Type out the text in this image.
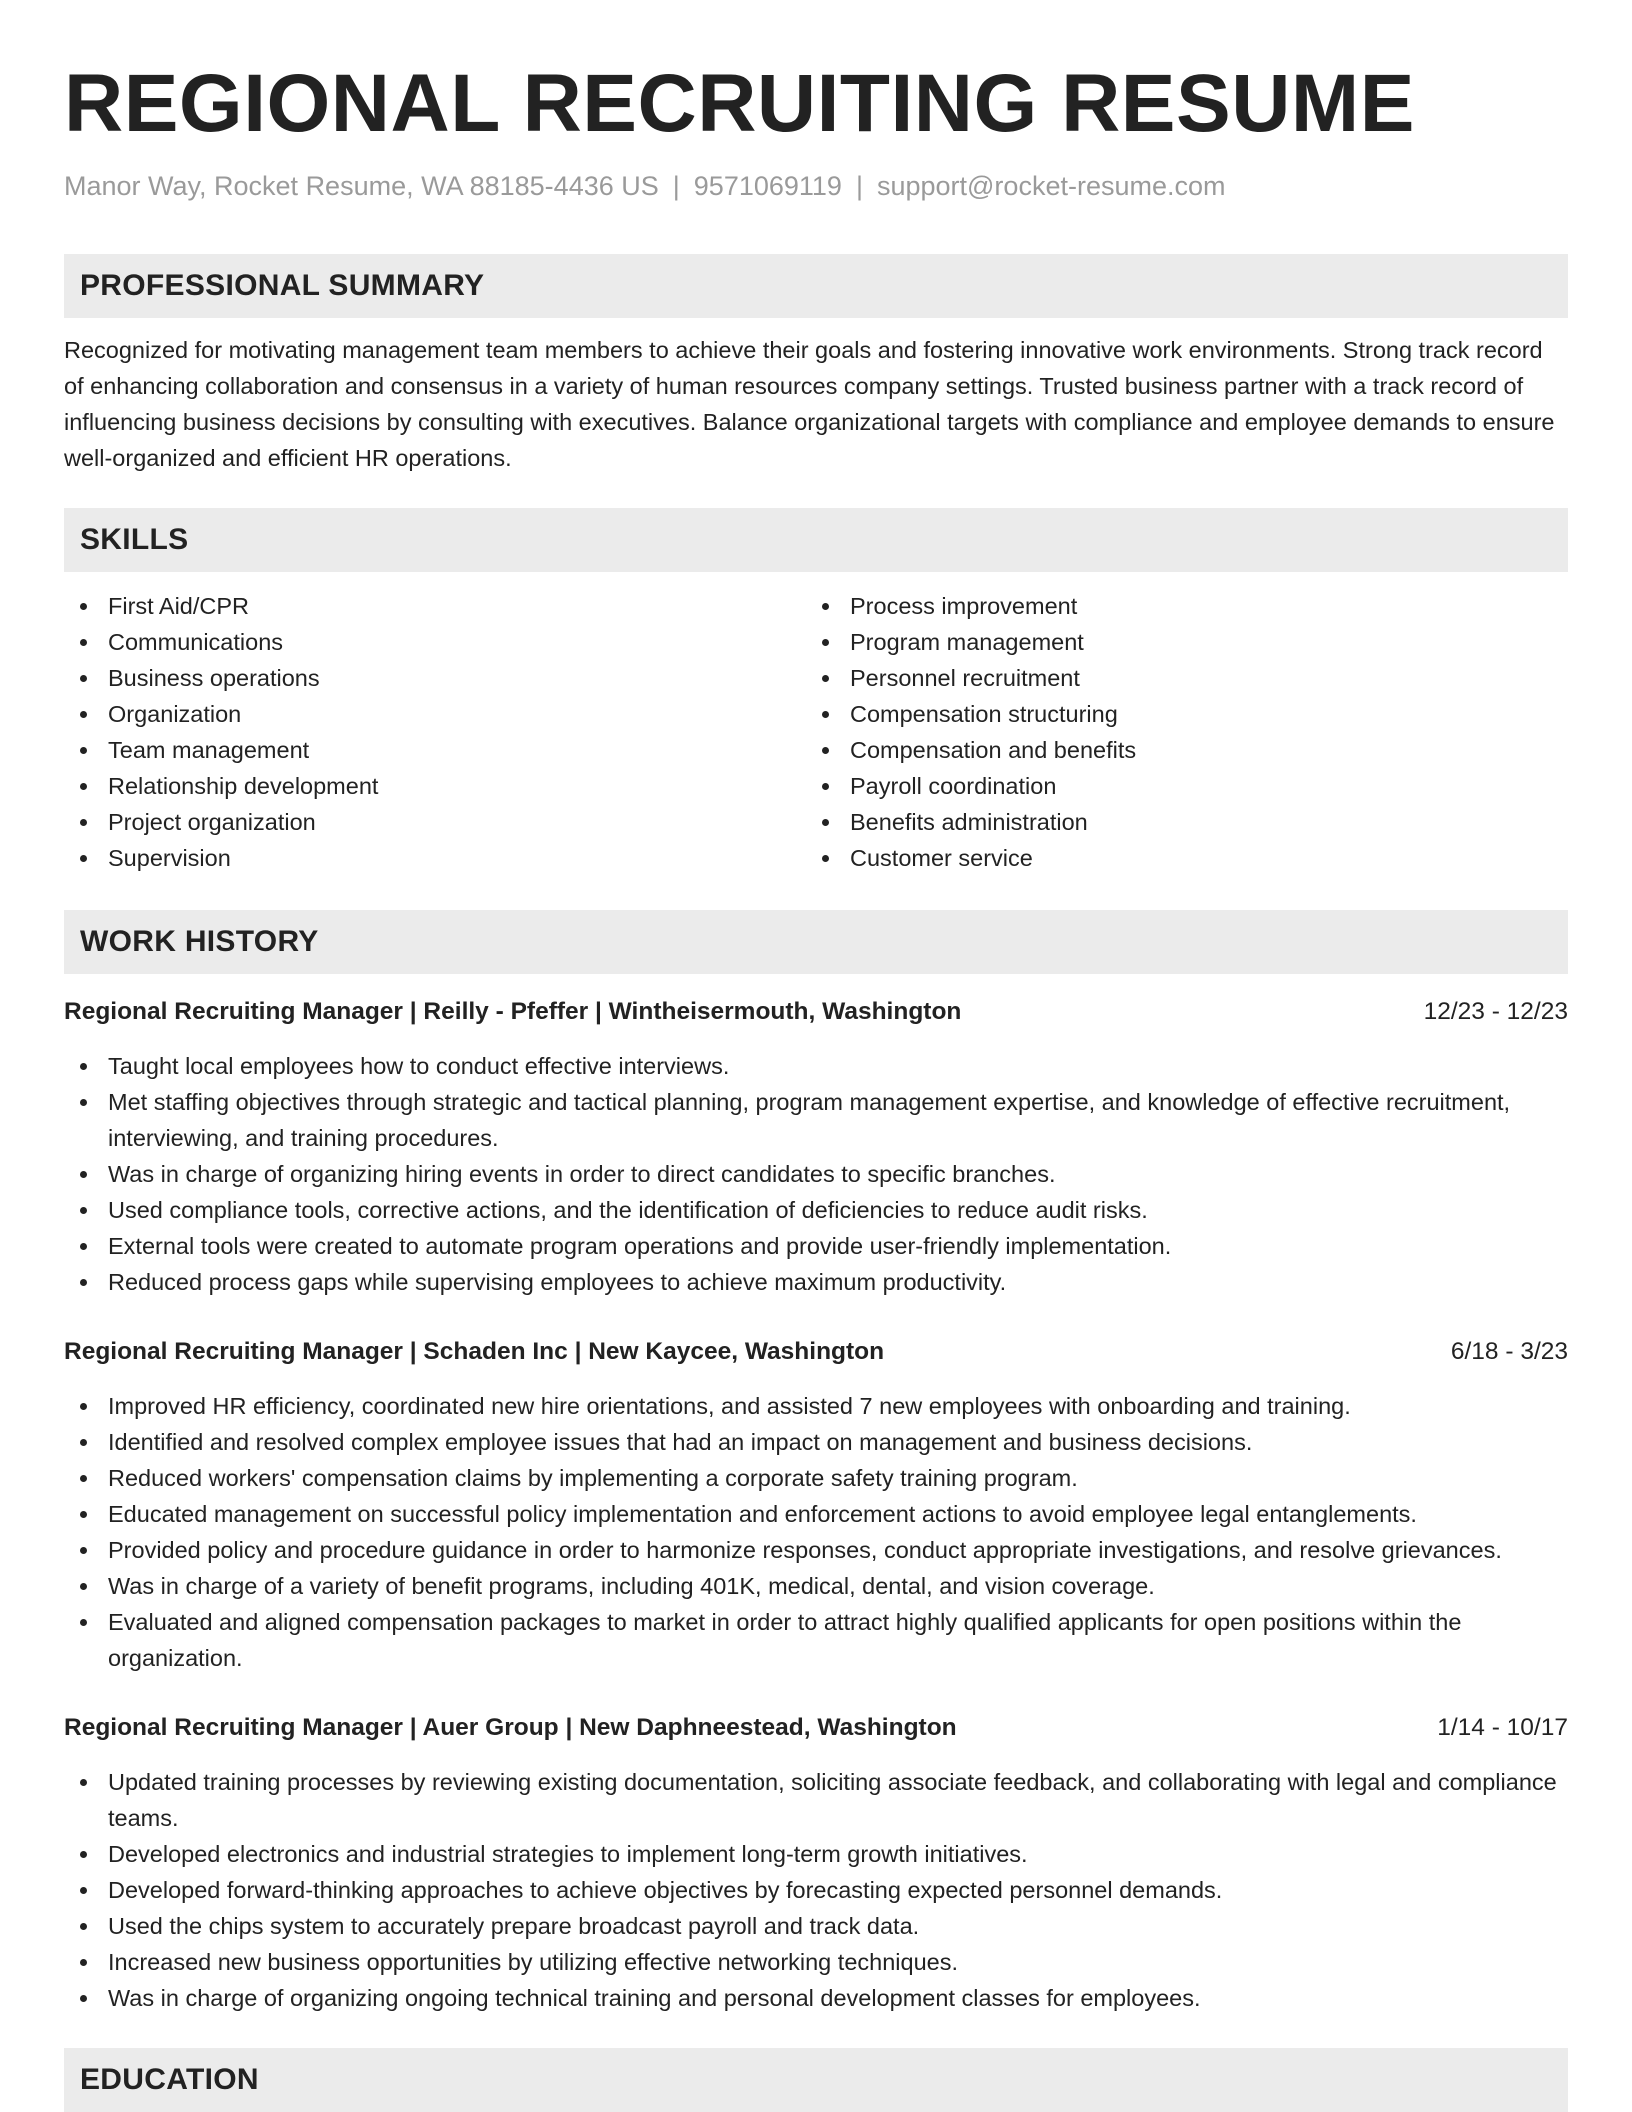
REGIONAL RECRUITING RESUME
Manor Way, Rocket Resume, WA 88185-4436 US | 9571069119 | support@rocket-resume.com
PROFESSIONAL SUMMARY
Recognized for motivating management team members to achieve their goals and fostering innovative work environments. Strong track record of enhancing collaboration and consensus in a variety of human resources company settings. Trusted business partner with a track record of influencing business decisions by consulting with executives. Balance organizational targets with compliance and employee demands to ensure well-organized and efficient HR operations.
SKILLS
First Aid/CPR
Communications
Business operations
Organization
Team management
Relationship development
Project organization
Supervision
Process improvement
Program management
Personnel recruitment
Compensation structuring
Compensation and benefits
Payroll coordination
Benefits administration
Customer service
WORK HISTORY
Regional Recruiting Manager | Reilly - Pfeffer | Wintheisermouth, Washington	12/23 - 12/23
Taught local employees how to conduct effective interviews.
Met staffing objectives through strategic and tactical planning, program management expertise, and knowledge of effective recruitment, interviewing, and training procedures.
Was in charge of organizing hiring events in order to direct candidates to specific branches.
Used compliance tools, corrective actions, and the identification of deficiencies to reduce audit risks.
External tools were created to automate program operations and provide user-friendly implementation.
Reduced process gaps while supervising employees to achieve maximum productivity.
Regional Recruiting Manager | Schaden Inc | New Kaycee, Washington	6/18 - 3/23
Improved HR efficiency, coordinated new hire orientations, and assisted 7 new employees with onboarding and training.
Identified and resolved complex employee issues that had an impact on management and business decisions.
Reduced workers' compensation claims by implementing a corporate safety training program.
Educated management on successful policy implementation and enforcement actions to avoid employee legal entanglements.
Provided policy and procedure guidance in order to harmonize responses, conduct appropriate investigations, and resolve grievances.
Was in charge of a variety of benefit programs, including 401K, medical, dental, and vision coverage.
Evaluated and aligned compensation packages to market in order to attract highly qualified applicants for open positions within the organization.
Regional Recruiting Manager | Auer Group | New Daphneestead, Washington	1/14 - 10/17
Updated training processes by reviewing existing documentation, soliciting associate feedback, and collaborating with legal and compliance teams.
Developed electronics and industrial strategies to implement long-term growth initiatives.
Developed forward-thinking approaches to achieve objectives by forecasting expected personnel demands.
Used the chips system to accurately prepare broadcast payroll and track data.
Increased new business opportunities by utilizing effective networking techniques.
Was in charge of organizing ongoing technical training and personal development classes for employees.
EDUCATION
